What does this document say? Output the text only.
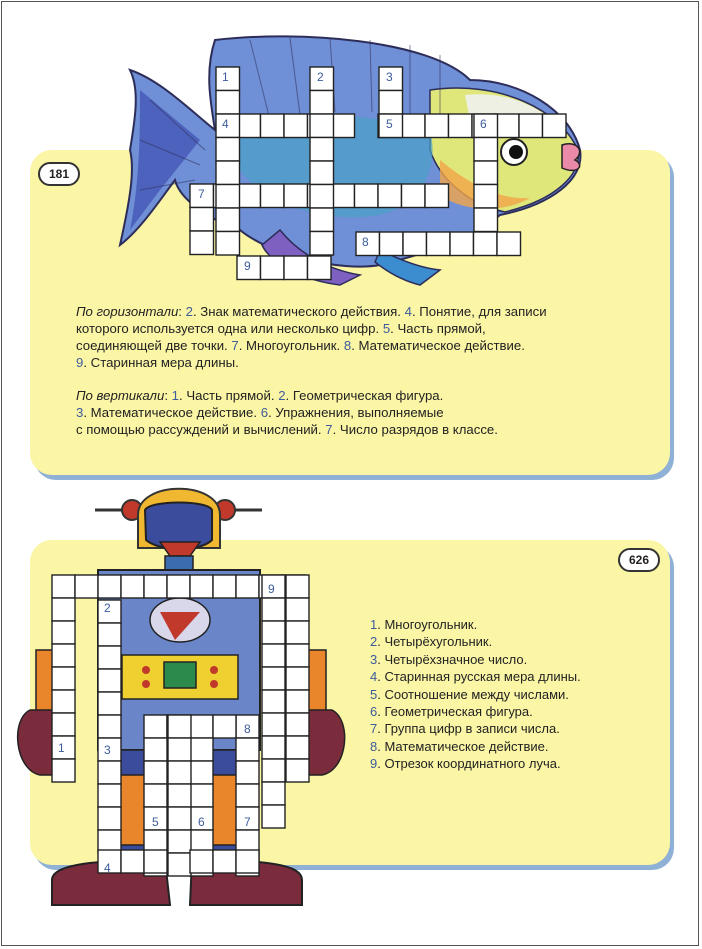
1	2	3
4	5	6
7
8
9
181
По горизонтали: 2. Знак математического действия. 4. Понятие, для записи
которого используется одна или несколько цифр. 5. Часть прямой,
соединяющей две точки. 7. Многоугольник. 8. Математическое действие.
9. Старинная мера длины.
По вертикали: 1. Часть прямой. 2. Геометрическая фигура.
3. Математическое действие. 6. Упражнения, выполняемые
с помощью рассуждений и вычислений. 7. Число разрядов в классе.
1
2
3
4
5	6	7
8
9
626
1. Многоугольник.
2. Четырёхугольник.
3. Четырёхзначное число.
4. Старинная русская мера длины.
5. Соотношение между числами.
6. Геометрическая фигура.
7. Группа цифр в записи числа.
8. Математическое действие.
9. Отрезок координатного луча.
